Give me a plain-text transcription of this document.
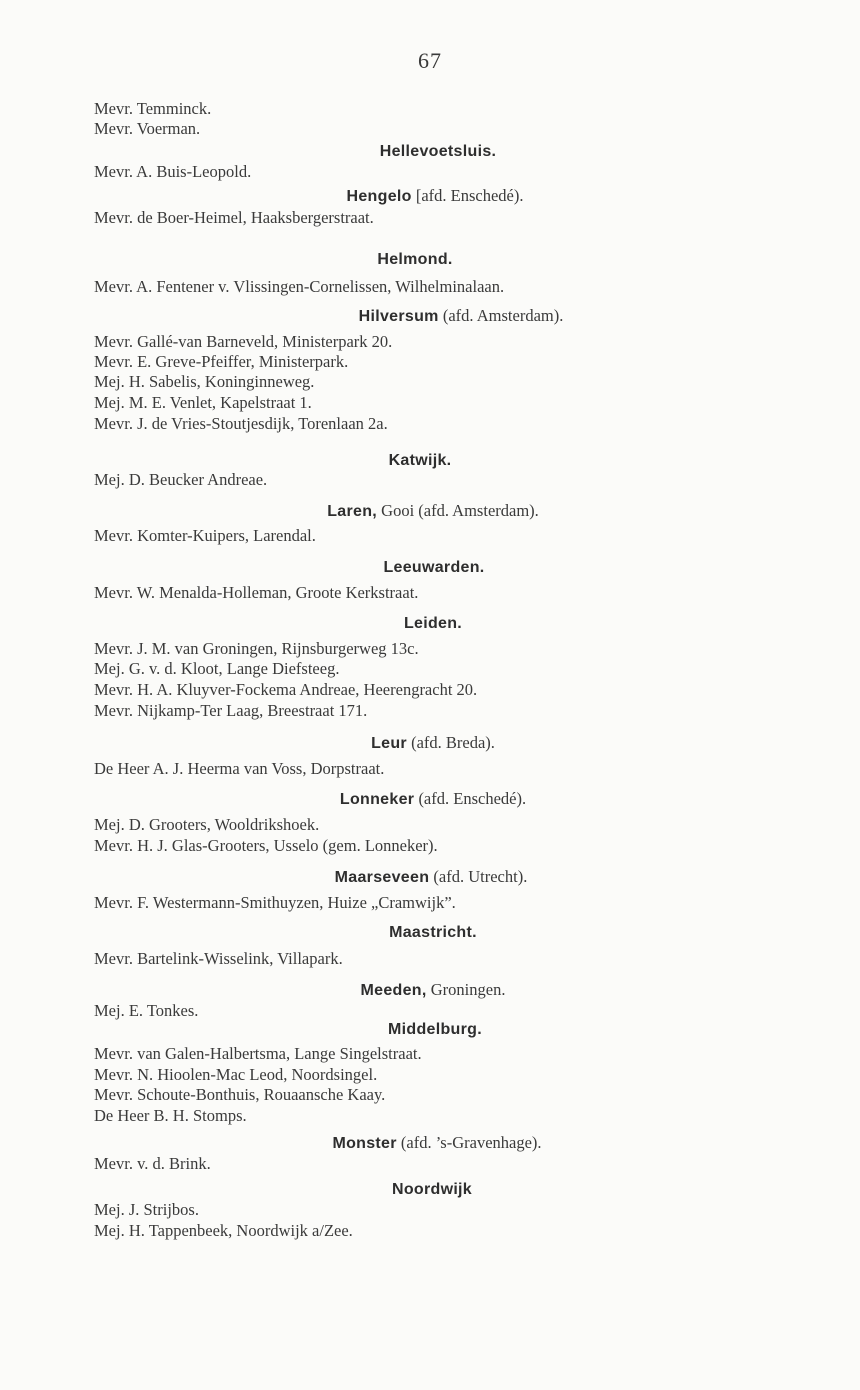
67
Mevr. Temminck.
Mevr. Voerman.
Hellevoetsluis.
Mevr. A. Buis-Leopold.
Hengelo [afd. Enschedé).
Mevr. de Boer-Heimel, Haaksbergerstraat.
Helmond.
Mevr. A. Fentener v. Vlissingen-Cornelissen, Wilhelminalaan.
Hilversum (afd. Amsterdam).
Mevr. Gallé-van Barneveld, Ministerpark 20.
Mevr. E. Greve-Pfeiffer, Ministerpark.
Mej. H. Sabelis, Koninginneweg.
Mej. M. E. Venlet, Kapelstraat 1.
Mevr. J. de Vries-Stoutjesdijk, Torenlaan 2a.
Katwijk.
Mej. D. Beucker Andreae.
Laren, Gooi (afd. Amsterdam).
Mevr. Komter-Kuipers, Larendal.
Leeuwarden.
Mevr. W. Menalda-Holleman, Groote Kerkstraat.
Leiden.
Mevr. J. M. van Groningen, Rijnsburgerweg 13c.
Mej. G. v. d. Kloot, Lange Diefsteeg.
Mevr. H. A. Kluyver-Fockema Andreae, Heerengracht 20.
Mevr. Nijkamp-Ter Laag, Breestraat 171.
Leur (afd. Breda).
De Heer A. J. Heerma van Voss, Dorpstraat.
Lonneker (afd. Enschedé).
Mej. D. Grooters, Wooldrikshoek.
Mevr. H. J. Glas-Grooters, Usselo (gem. Lonneker).
Maarseveen (afd. Utrecht).
Mevr. F. Westermann-Smithuyzen, Huize „Cramwijk”.
Maastricht.
Mevr. Bartelink-Wisselink, Villapark.
Meeden, Groningen.
Mej. E. Tonkes.
Middelburg.
Mevr. van Galen-Halbertsma, Lange Singelstraat.
Mevr. N. Hioolen-Mac Leod, Noordsingel.
Mevr. Schoute-Bonthuis, Rouaansche Kaay.
De Heer B. H. Stomps.
Monster (afd. ’s-Gravenhage).
Mevr. v. d. Brink.
Noordwijk
Mej. J. Strijbos.
Mej. H. Tappenbeek, Noordwijk a/Zee.
